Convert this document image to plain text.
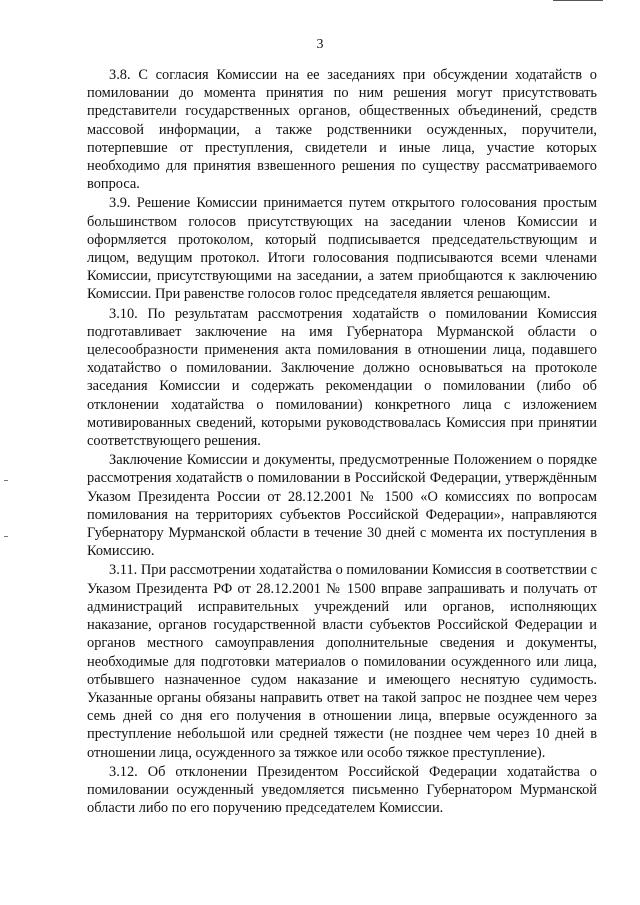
3

3.8. С согласия Комиссии на ее заседаниях при обсуждении ходатайств о помиловании до момента принятия по ним решения могут присутствовать представители государственных органов, общественных объединений, средств массовой информации, а также родственники осужденных, поручители, потерпевшие от преступления, свидетели и иные лица, участие которых необходимо для принятия взвешенного решения по существу рассматриваемого вопроса.

3.9. Решение Комиссии принимается путем открытого голосования простым большинством голосов присутствующих на заседании членов Комиссии и оформляется протоколом, который подписывается председательствующим и лицом, ведущим протокол. Итоги голосования подписываются всеми членами Комиссии, присутствующими на заседании, а затем приобщаются к заключению Комиссии. При равенстве голосов голос председателя является решающим.

3.10. По результатам рассмотрения ходатайств о помиловании Комиссия подготавливает заключение на имя Губернатора Мурманской области о целесообразности применения акта помилования в отношении лица, подавшего ходатайство о помиловании. Заключение должно основываться на протоколе заседания Комиссии и содержать рекомендации о помиловании (либо об отклонении ходатайства о помиловании) конкретного лица с изложением мотивированных сведений, которыми руководствовалась Комиссия при принятии соответствующего решения.

Заключение Комиссии и документы, предусмотренные Положением о порядке рассмотрения ходатайств о помиловании в Российской Федерации, утверждённым Указом Президента России от 28.12.2001 № 1500 «О комиссиях по вопросам помилования на территориях субъектов Российской Федерации», направляются Губернатору Мурманской области в течение 30 дней с момента их поступления в Комиссию.

3.11. При рассмотрении ходатайства о помиловании Комиссия в соответствии с Указом Президента РФ от 28.12.2001 № 1500 вправе запрашивать и получать от администраций исправительных учреждений или органов, исполняющих наказание, органов государственной власти субъектов Российской Федерации и органов местного самоуправления дополнительные сведения и документы, необходимые для подготовки материалов о помиловании осужденного или лица, отбывшего назначенное судом наказание и имеющего неснятую судимость. Указанные органы обязаны направить ответ на такой запрос не позднее чем через семь дней со дня его получения в отношении лица, впервые осужденного за преступление небольшой или средней тяжести (не позднее чем через 10 дней в отношении лица, осужденного за тяжкое или особо тяжкое преступление).

3.12. Об отклонении Президентом Российской Федерации ходатайства о помиловании осужденный уведомляется письменно Губернатором Мурманской области либо по его поручению председателем Комиссии.
